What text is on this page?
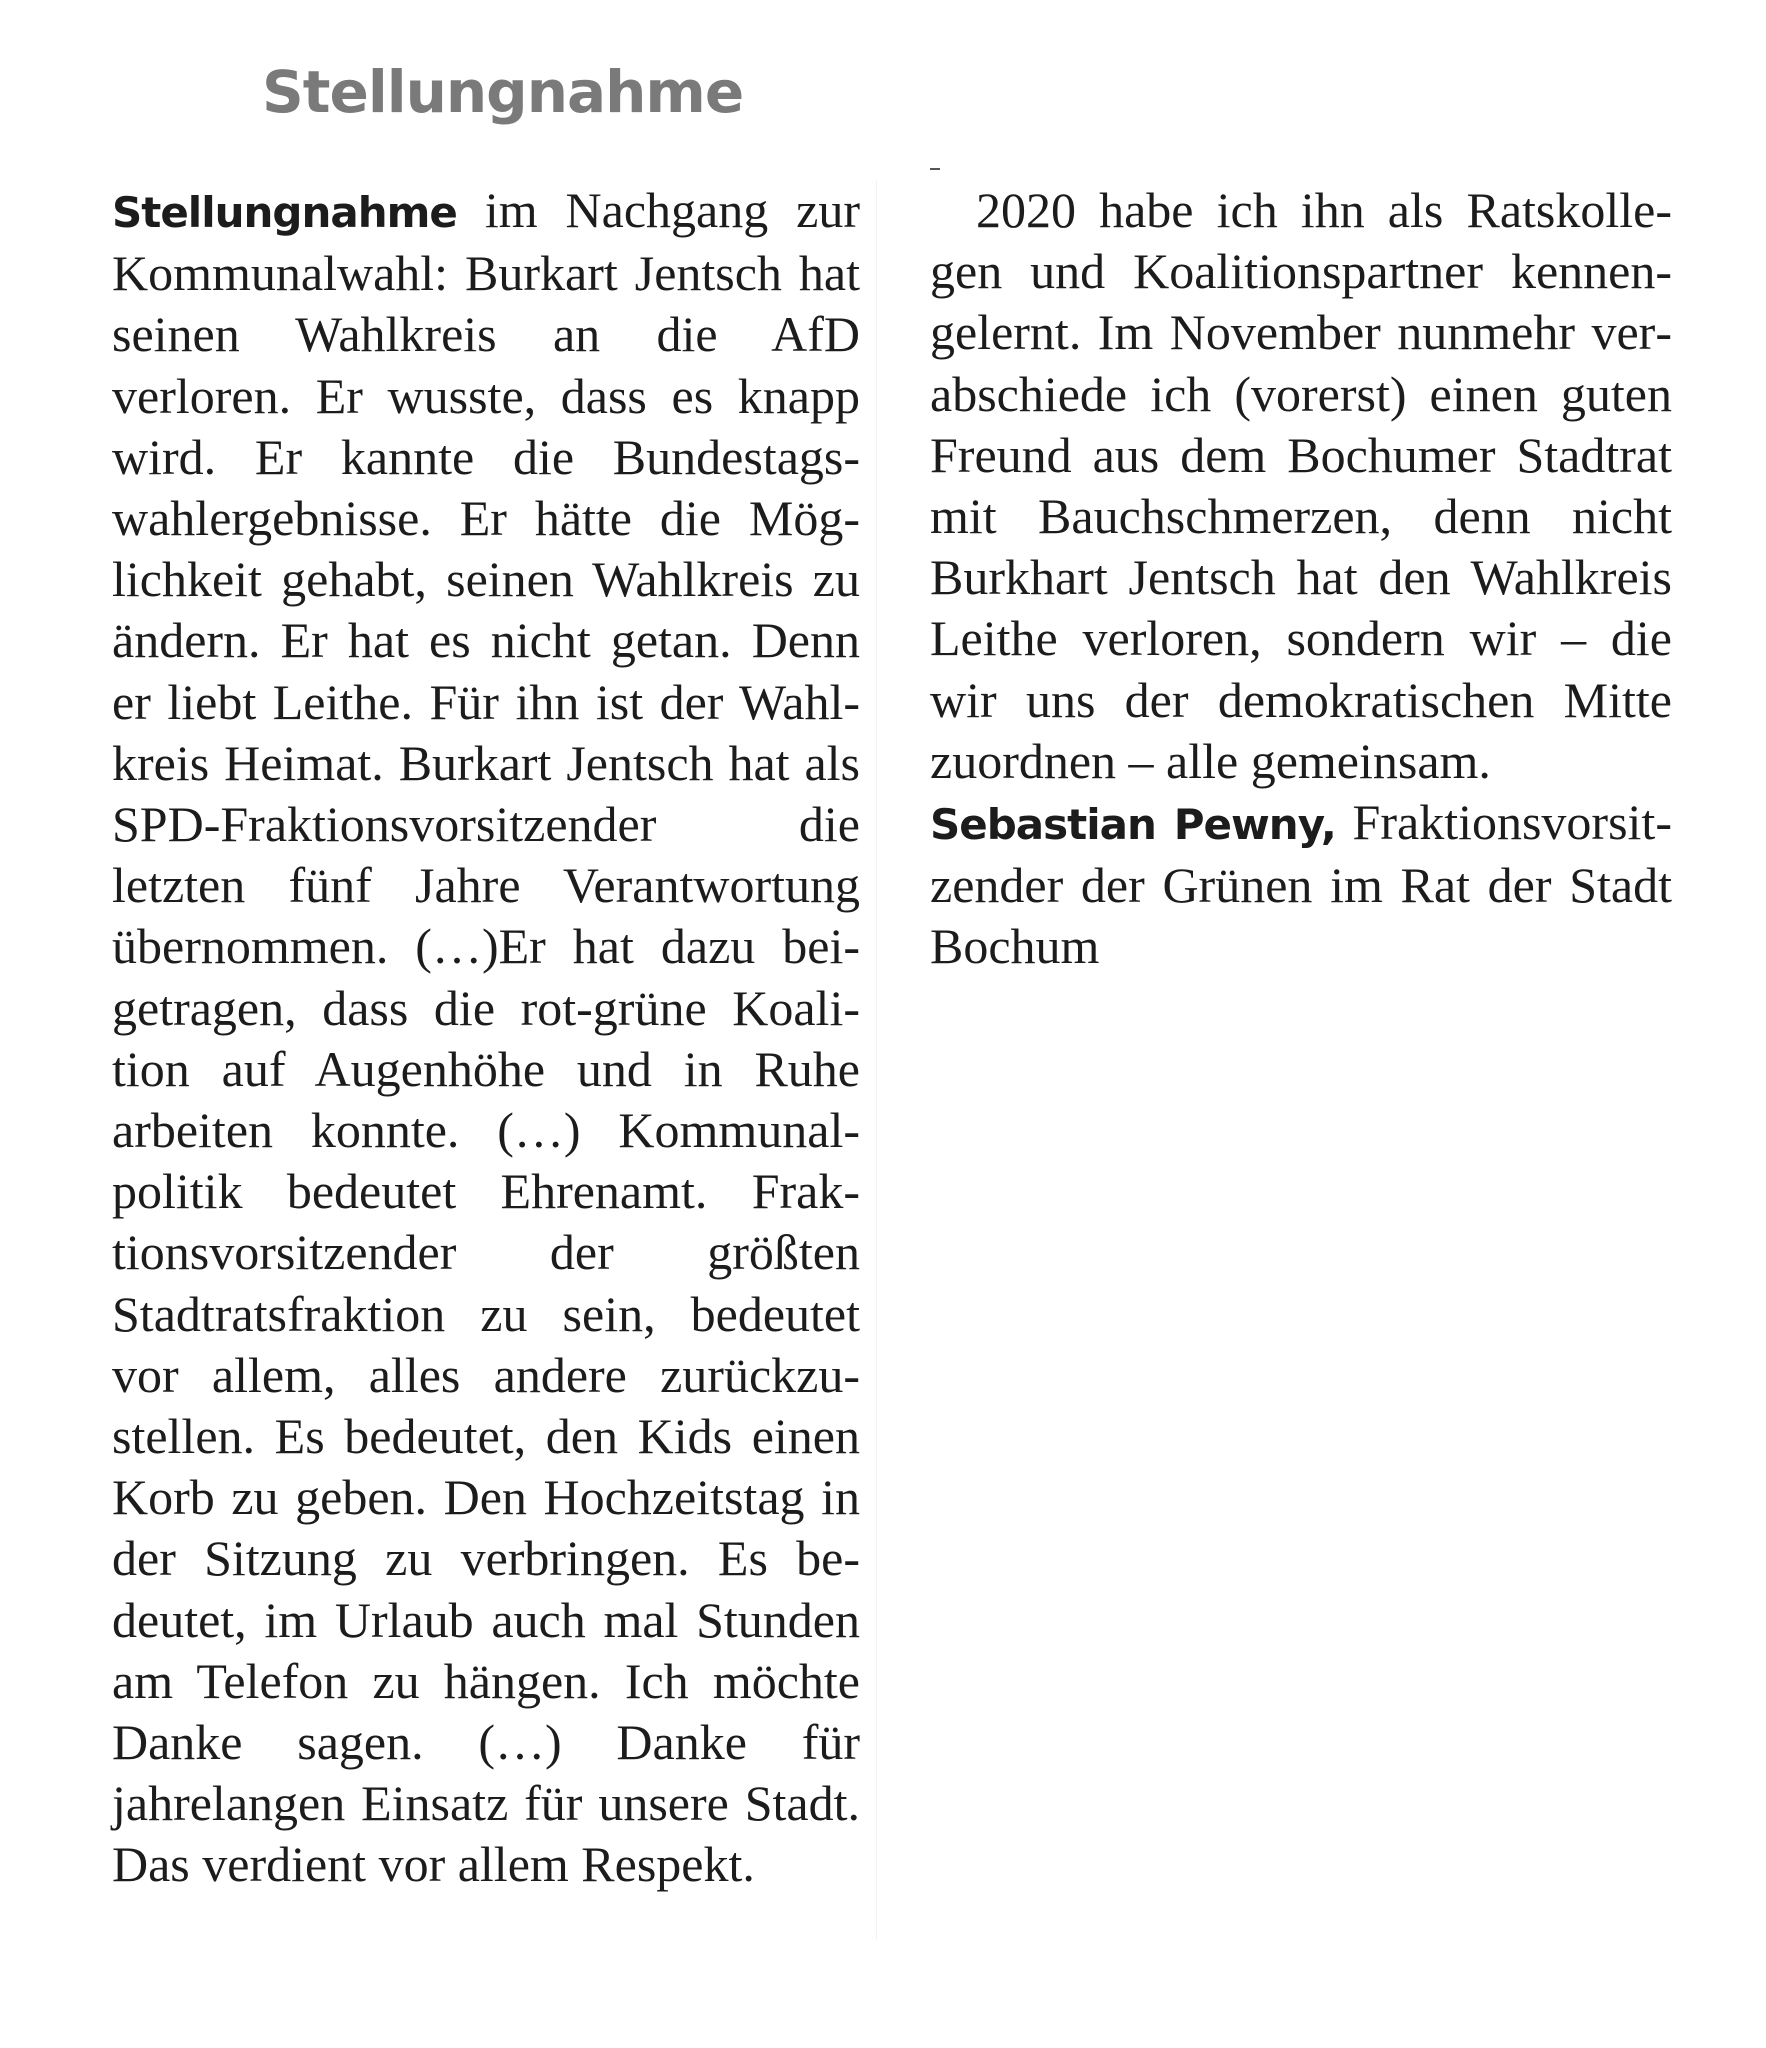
Stellungnahme

Stellungnahme im Nachgang zur Kommunalwahl: Burkart Jentsch hat seinen Wahlkreis an die AfD verloren. Er wusste, dass es knapp wird. Er kannte die Bundestagswahlergebnisse. Er hätte die Möglichkeit gehabt, seinen Wahlkreis zu ändern. Er hat es nicht getan. Denn er liebt Leithe. Für ihn ist der Wahlkreis Heimat. Burkart Jentsch hat als SPD-Fraktionsvorsitzender die letzten fünf Jahre Verantwortung übernommen. (…)Er hat dazu beigetragen, dass die rot-grüne Koalition auf Augenhöhe und in Ruhe arbeiten konnte. (…) Kommunalpolitik bedeutet Ehrenamt. Fraktionsvorsitzender der größten Stadtratsfraktion zu sein, bedeutet vor allem, alles andere zurückzustellen. Es bedeutet, den Kids einen Korb zu geben. Den Hochzeitstag in der Sitzung zu verbringen. Es bedeutet, im Urlaub auch mal Stunden am Telefon zu hängen. Ich möchte Danke sagen. (…) Danke für jahrelangen Einsatz für unsere Stadt. Das verdient vor allem Respekt.

2020 habe ich ihn als Ratskollegen und Koalitionspartner kennengelernt. Im November nunmehr verabschiede ich (vorerst) einen guten Freund aus dem Bochumer Stadtrat mit Bauchschmerzen, denn nicht Burkhart Jentsch hat den Wahlkreis Leithe verloren, sondern wir – die wir uns der demokratischen Mitte zuordnen – alle gemeinsam.

Sebastian Pewny, Fraktionsvorsitzender der Grünen im Rat der Stadt Bochum
